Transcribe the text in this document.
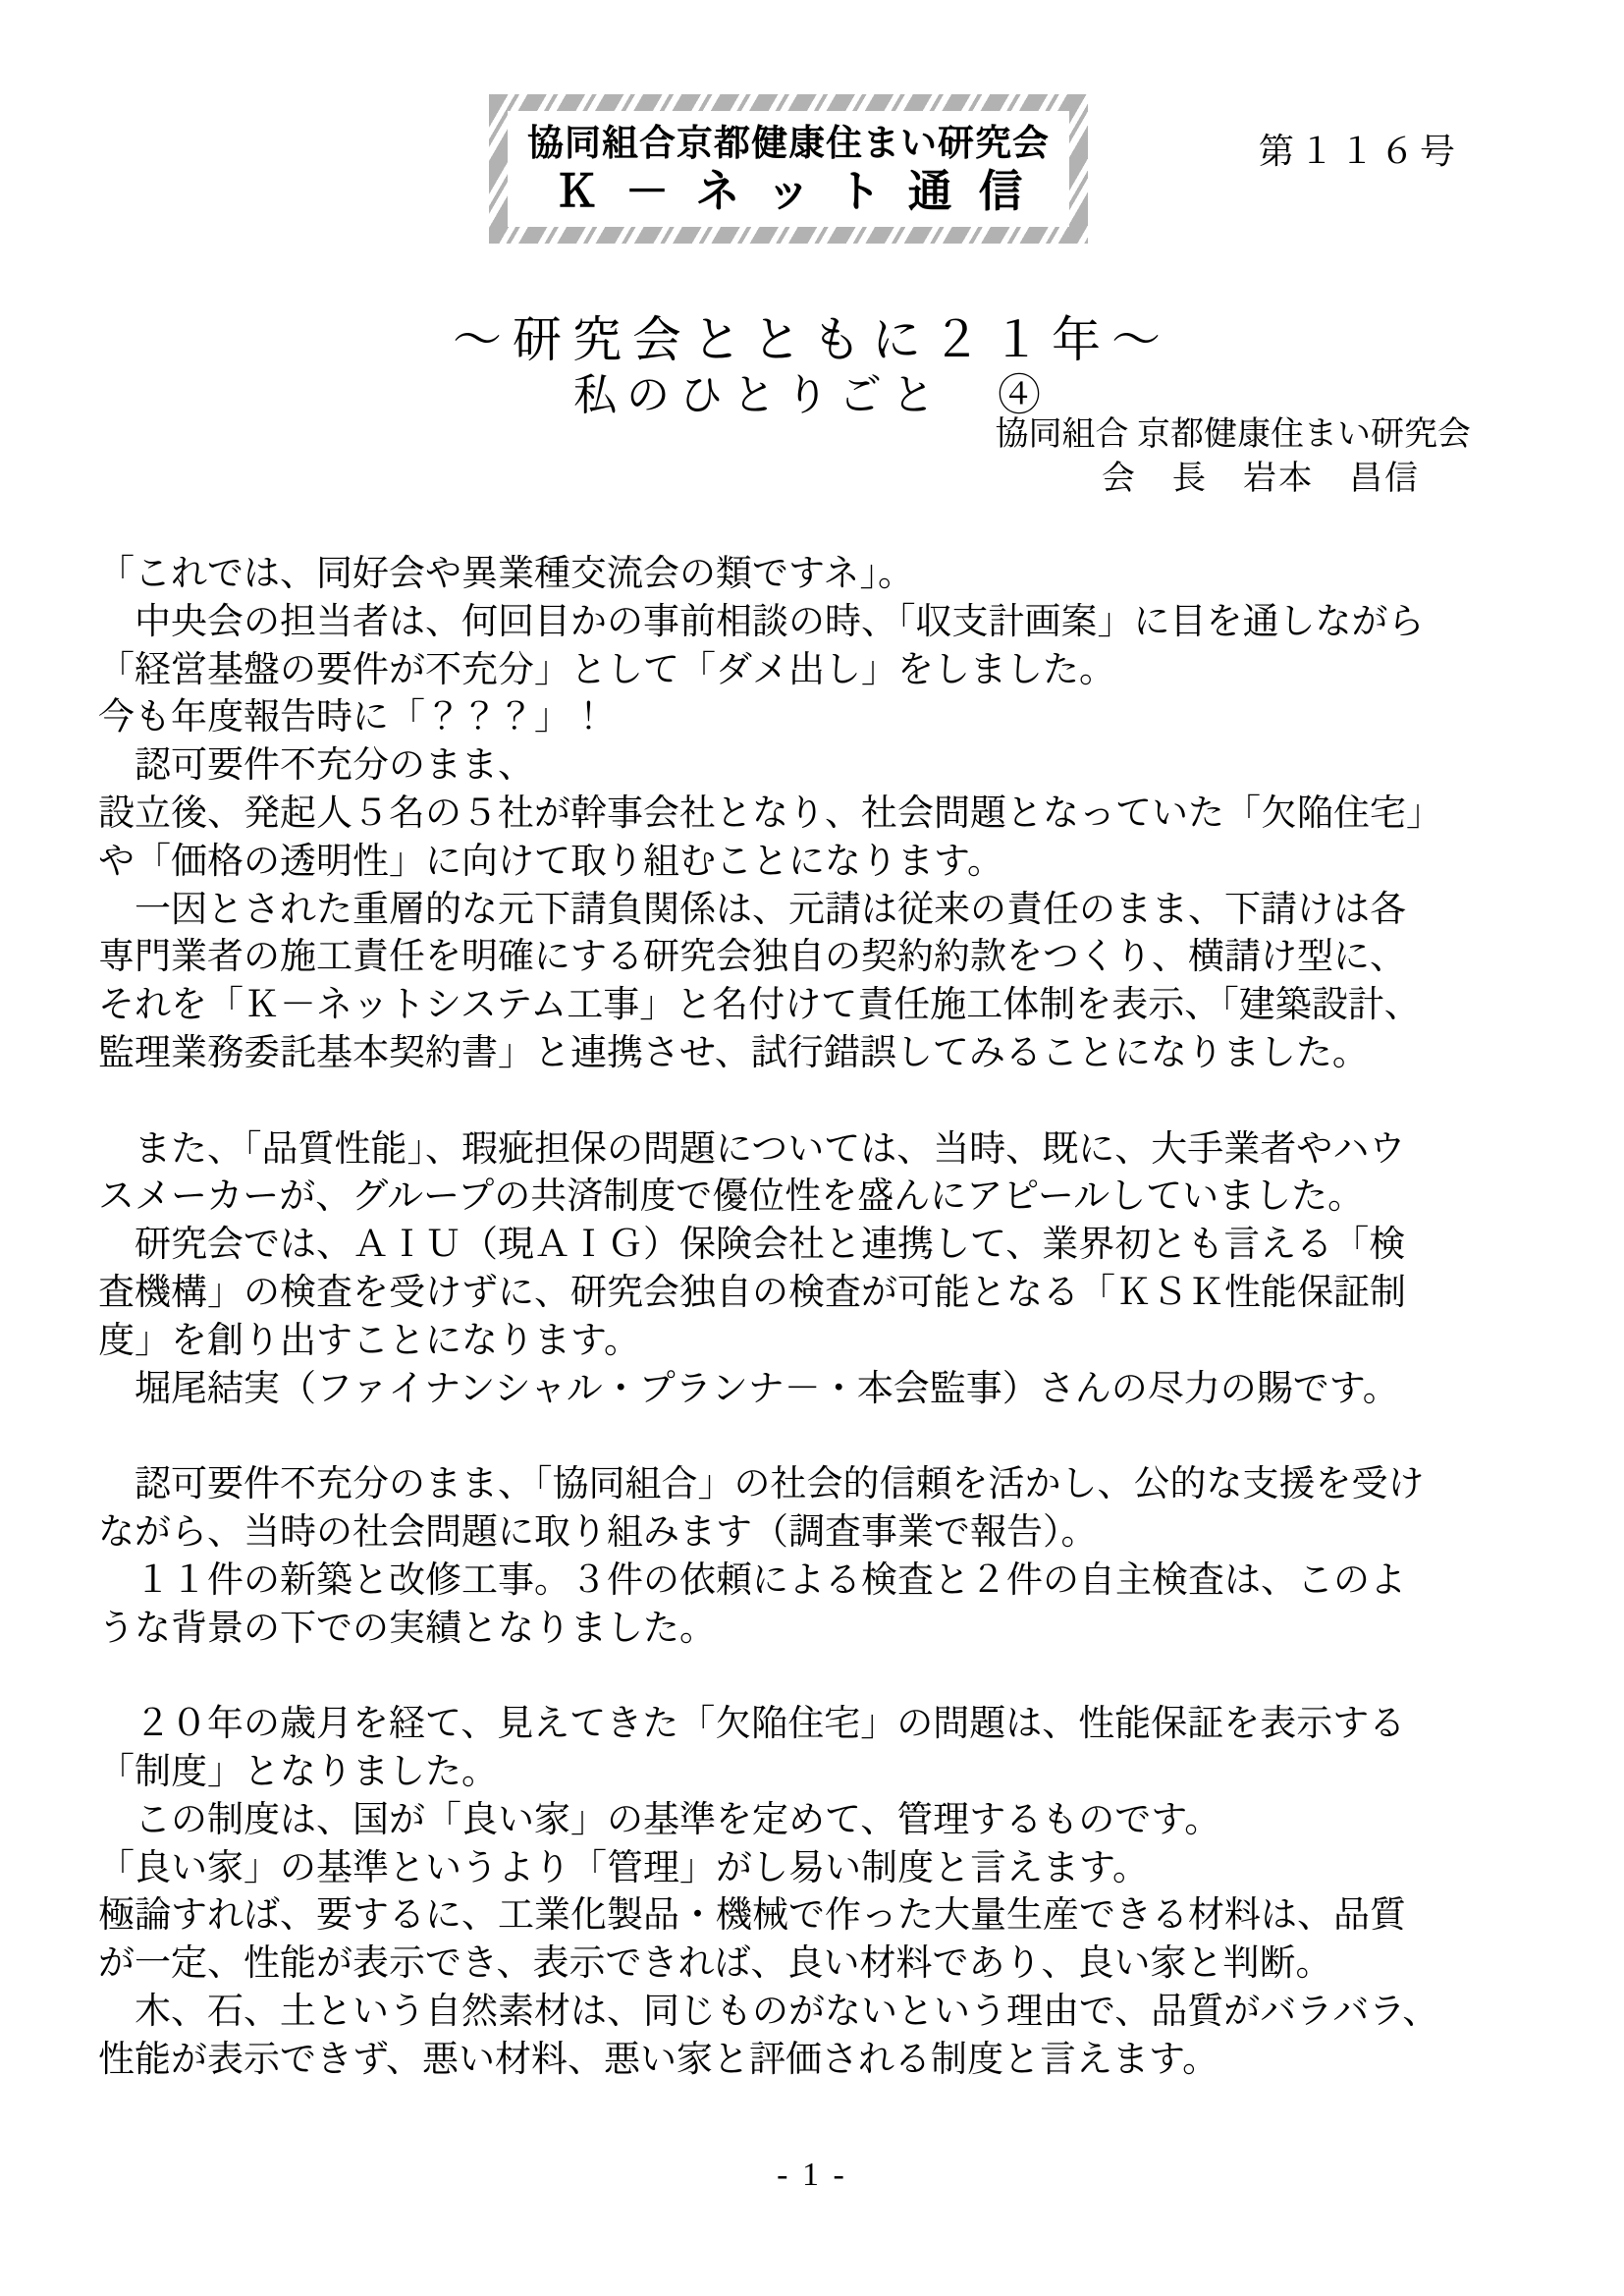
協同組合京都健康住まい研究会
Ｋ－ネット通信
第１１６号
～研究会とともに２１年～
私のひとりごと　④
協同組合 京都健康住まい研究会
会　長　岩本　昌信
「これでは、同好会や異業種交流会の類ですネ」。
　中央会の担当者は、何回目かの事前相談の時、「収支計画案」に目を通しながら
「経営基盤の要件が不充分」として「ダメ出し」をしました。
今も年度報告時に「？？？」！
　認可要件不充分のまま、
設立後、発起人５名の５社が幹事会社となり、社会問題となっていた「欠陥住宅」
や「価格の透明性」に向けて取り組むことになります。
　一因とされた重層的な元下請負関係は、元請は従来の責任のまま、下請けは各
専門業者の施工責任を明確にする研究会独自の契約約款をつくり、横請け型に、
それを「Ｋ－ネットシステム工事」と名付けて責任施工体制を表示、「建築設計、
監理業務委託基本契約書」と連携させ、試行錯誤してみることになりました。
　また、「品質性能」、瑕疵担保の問題については、当時、既に、大手業者やハウ
スメーカーが、グループの共済制度で優位性を盛んにアピールしていました。
　研究会では、ＡＩＵ（現ＡＩＧ）保険会社と連携して、業界初とも言える「検
査機構」の検査を受けずに、研究会独自の検査が可能となる「ＫＳＫ性能保証制
度」を創り出すことになります。
　堀尾結実（ファイナンシャル・プランナ－・本会監事）さんの尽力の賜です。
　認可要件不充分のまま、「協同組合」の社会的信頼を活かし、公的な支援を受け
ながら、当時の社会問題に取り組みます（調査事業で報告）。
　１１件の新築と改修工事。３件の依頼による検査と２件の自主検査は、このよ
うな背景の下での実績となりました。
　２０年の歳月を経て、見えてきた「欠陥住宅」の問題は、性能保証を表示する
「制度」となりました。
　この制度は、国が「良い家」の基準を定めて、管理するものです。
「良い家」の基準というより「管理」がし易い制度と言えます。
極論すれば、要するに、工業化製品・機械で作った大量生産できる材料は、品質
が一定、性能が表示でき、表示できれば、良い材料であり、良い家と判断。
　木、石、土という自然素材は、同じものがないという理由で、品質がバラバラ、
性能が表示できず、悪い材料、悪い家と評価される制度と言えます。
- 1 -
